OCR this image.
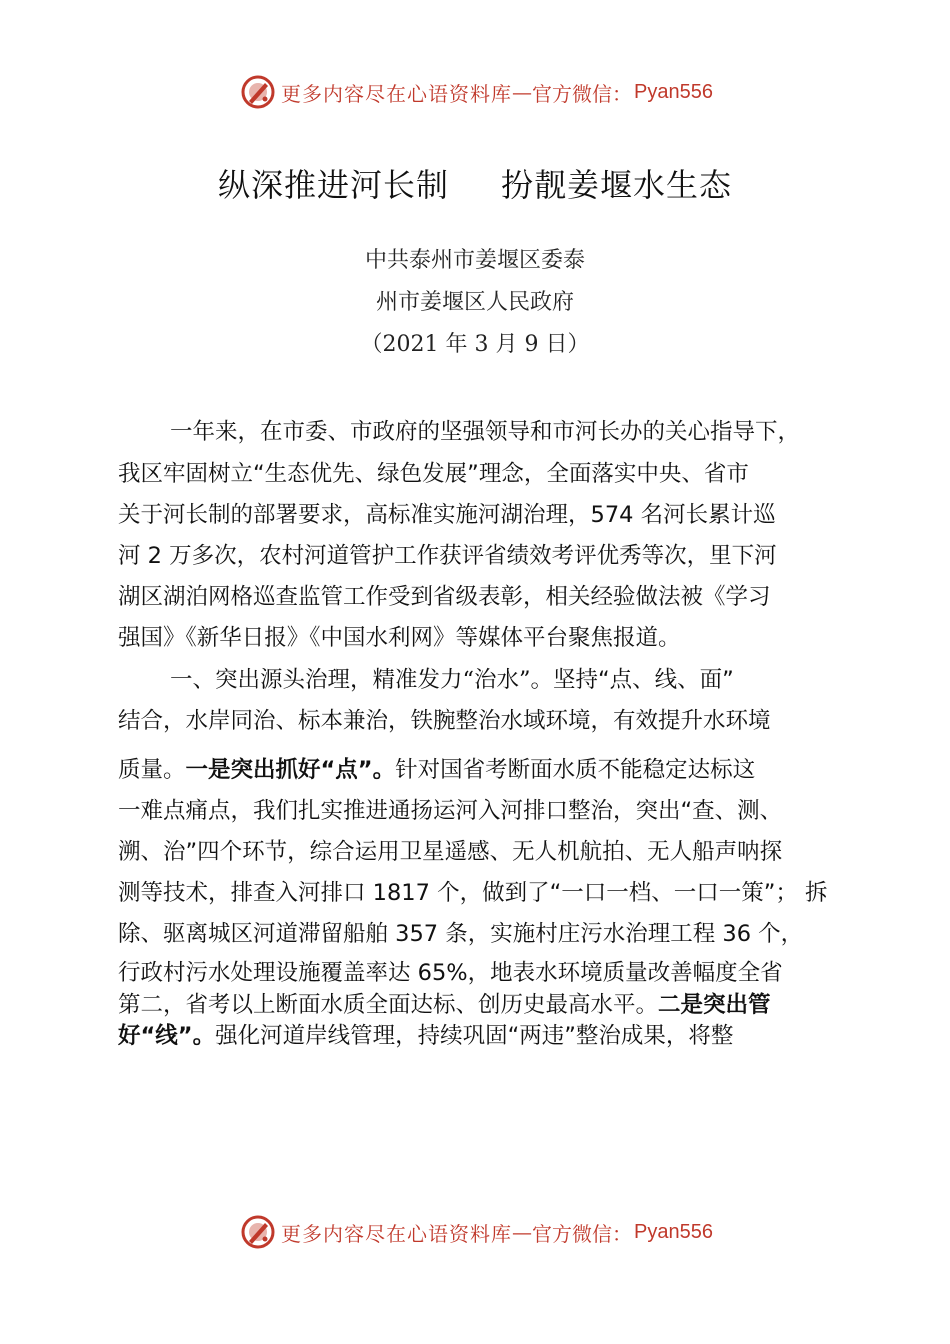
更多内容尽在心语资料库 — 官方微信： Pyan556
纵深推进河长制 扮靓姜堰水生态
中共泰州市姜堰区委泰
州市姜堰区人民政府
（2021 年 3 月 9 日）
一年来，在市委、市政府的坚强领导和市河长办的关心指导下，
我区牢固树立“生态优先、绿色发展”理念，全面落实中央、省市
关于河长制的部署要求，高标准实施河湖治理，574 名河长累计巡
河 2 万多次，农村河道管护工作获评省绩效考评优秀等次，里下河
湖区湖泊网格巡查监管工作受到省级表彰，相关经验做法被《学习
强国》《新华日报》《中国水利网》等媒体平台聚焦报道。
一、突出源头治理，精准发力“治水”。坚持“点、线、面”
结合，水岸同治、标本兼治，铁腕整治水域环境，有效提升水环境
质量。一是突出抓好“点”。针对国省考断面水质不能稳定达标这
一难点痛点，我们扎实推进通扬运河入河排口整治，突出“查、测、
溯、治”四个环节，综合运用卫星遥感、无人机航拍、无人船声呐探
测等技术，排查入河排口 1817 个，做到了“一口一档、一口一策”； 拆
除、驱离城区河道滞留船舶 357 条，实施村庄污水治理工程 36 个，
行政村污水处理设施覆盖率达 65%，地表水环境质量改善幅度全省
第二，省考以上断面水质全面达标、创历史最高水平。二是突出管
好“线”。强化河道岸线管理，持续巩固“两违”整治成果，将整
更多内容尽在心语资料库 — 官方微信： Pyan556
